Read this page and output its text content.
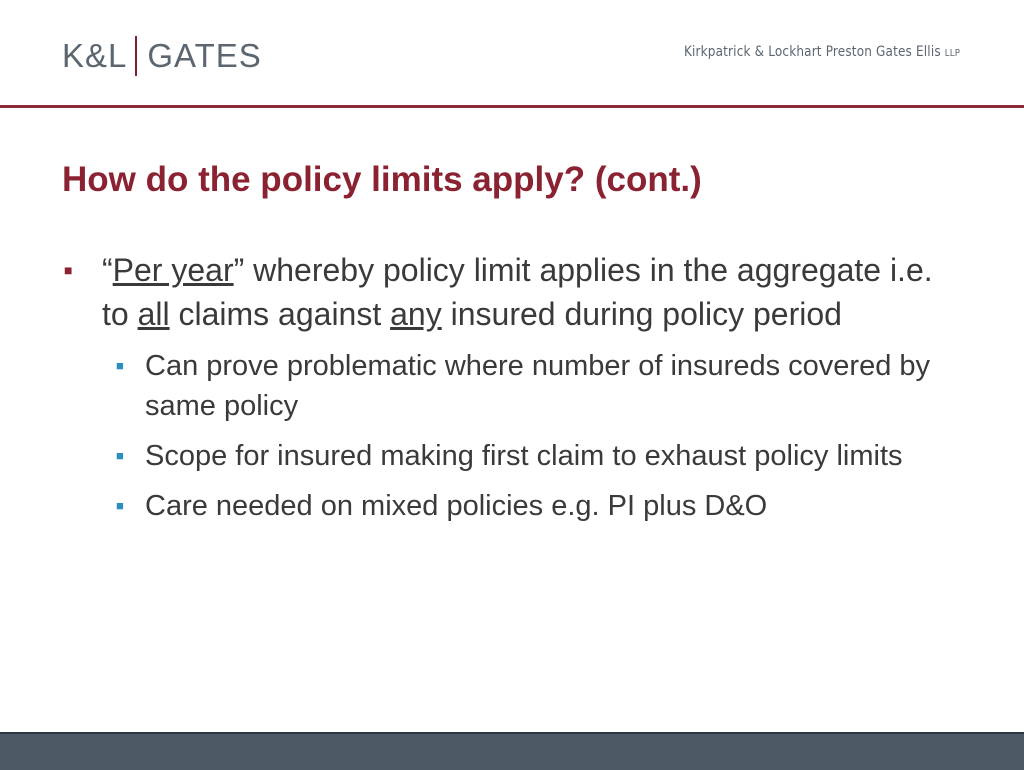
K&L GATES	Kirkpatrick & Lockhart Preston Gates Ellis LLP
How do the policy limits apply? (cont.)
■ “Per year” whereby policy limit applies in the aggregate i.e. to all claims against any insured during policy period
■ Can prove problematic where number of insureds covered by same policy
■ Scope for insured making first claim to exhaust policy limits
■ Care needed on mixed policies e.g. PI plus D&O
